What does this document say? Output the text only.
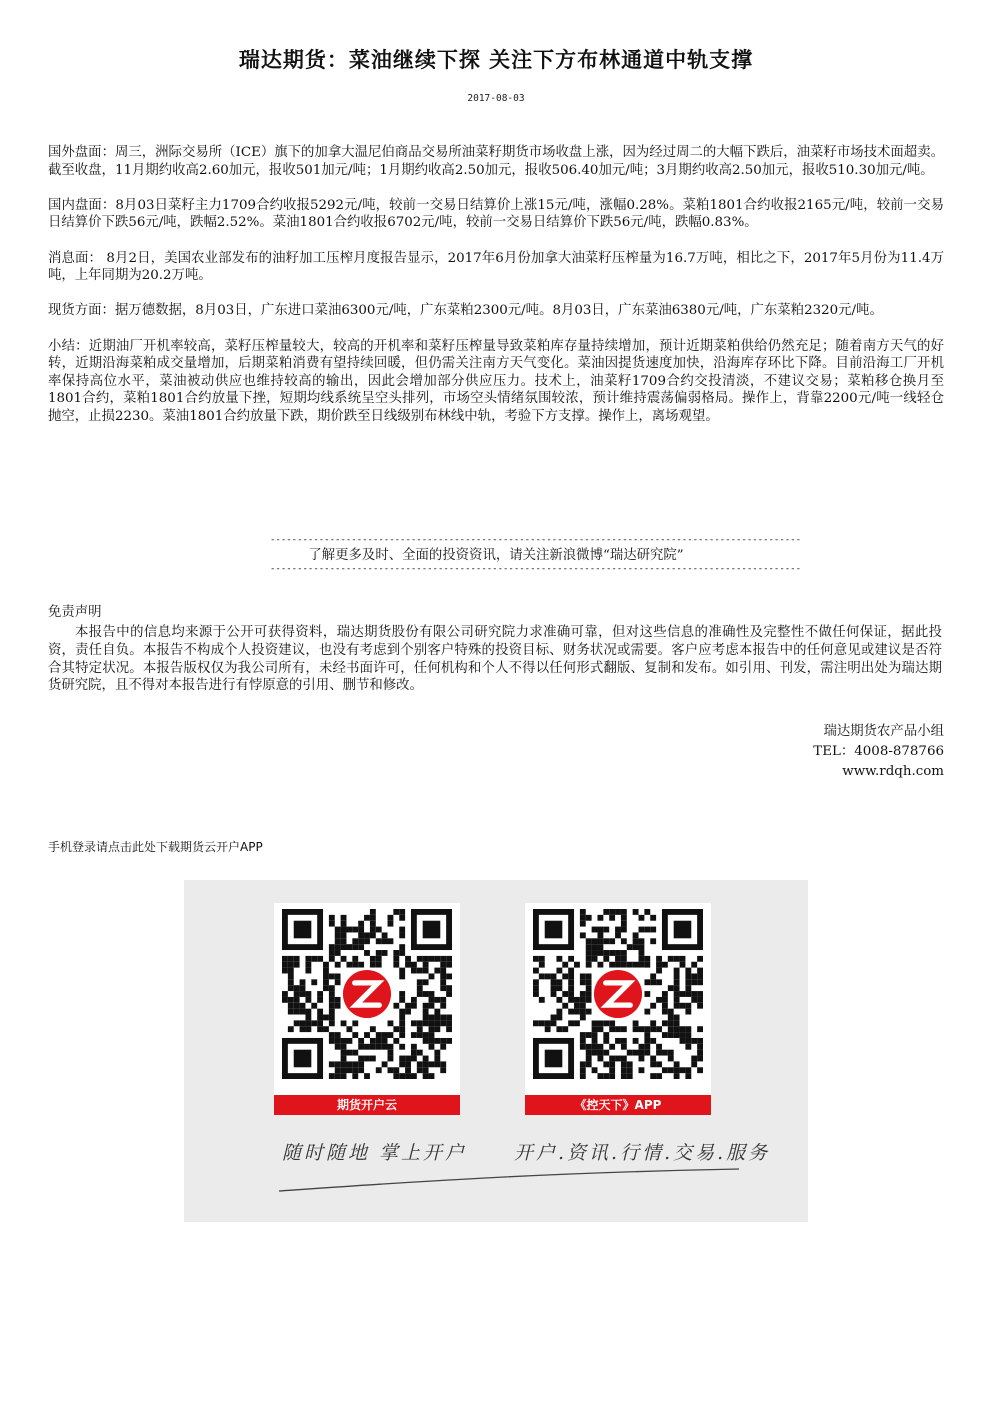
瑞达期货：菜油继续下探 关注下方布林通道中轨支撑
2017-08-03

国外盘面：周三，洲际交易所（ICE）旗下的加拿大温尼伯商品交易所油菜籽期货市场收盘上涨，因为经过周二的大幅下跌后，油菜籽市场技术面超卖。截至收盘，11月期约收高2.60加元，报收501加元/吨；1月期约收高2.50加元，报收506.40加元/吨；3月期约收高2.50加元，报收510.30加元/吨。

国内盘面：8月03日菜籽主力1709合约收报5292元/吨，较前一交易日结算价上涨15元/吨，涨幅0.28%。菜粕1801合约收报2165元/吨，较前一交易日结算价下跌56元/吨，跌幅2.52%。菜油1801合约收报6702元/吨，较前一交易日结算价下跌56元/吨，跌幅0.83%。

消息面： 8月2日，美国农业部发布的油籽加工压榨月度报告显示，2017年6月份加拿大油菜籽压榨量为16.7万吨，相比之下，2017年5月份为11.4万吨，上年同期为20.2万吨。

现货方面：据万德数据，8月03日，广东进口菜油6300元/吨，广东菜粕2300元/吨。8月03日，广东菜油6380元/吨，广东菜粕2320元/吨。

小结：近期油厂开机率较高，菜籽压榨量较大，较高的开机率和菜籽压榨量导致菜粕库存量持续增加，预计近期菜粕供给仍然充足；随着南方天气的好转，近期沿海菜粕成交量增加，后期菜粕消费有望持续回暖，但仍需关注南方天气变化。菜油因提货速度加快，沿海库存环比下降。目前沿海工厂开机率保持高位水平，菜油被动供应也维持较高的输出，因此会增加部分供应压力。技术上，油菜籽1709合约交投清淡，不建议交易；菜粕移仓换月至1801合约，菜粕1801合约放量下挫，短期均线系统呈空头排列，市场空头情绪氛围较浓，预计维持震荡偏弱格局。操作上，背靠2200元/吨一线轻仓抛空，止损2230。菜油1801合约放量下跌，期价跌至日线级别布林线中轨，考验下方支撑。操作上，离场观望。

--------------------------------------------------------------------------------------------------
了解更多及时、全面的投资资讯，请关注新浪微博“瑞达研究院”
--------------------------------------------------------------------------------------------------
免责声明
本报告中的信息均来源于公开可获得资料，瑞达期货股份有限公司研究院力求准确可靠，但对这些信息的准确性及完整性不做任何保证，据此投资，责任自负。本报告不构成个人投资建议，也没有考虑到个别客户特殊的投资目标、财务状况或需要。客户应考虑本报告中的任何意见或建议是否符合其特定状况。本报告版权仅为我公司所有，未经书面许可，任何机构和个人不得以任何形式翻版、复制和发布。如引用、刊发，需注明出处为瑞达期货研究院，且不得对本报告进行有悖原意的引用、删节和修改。
瑞达期货农产品小组
TEL：4008-878766
www.rdqh.com
手机登录请点击此处下载期货云开户APP
期货开户云	《控天下》APP
随时随地 掌上开户 开户.资讯.行情.交易.服务
